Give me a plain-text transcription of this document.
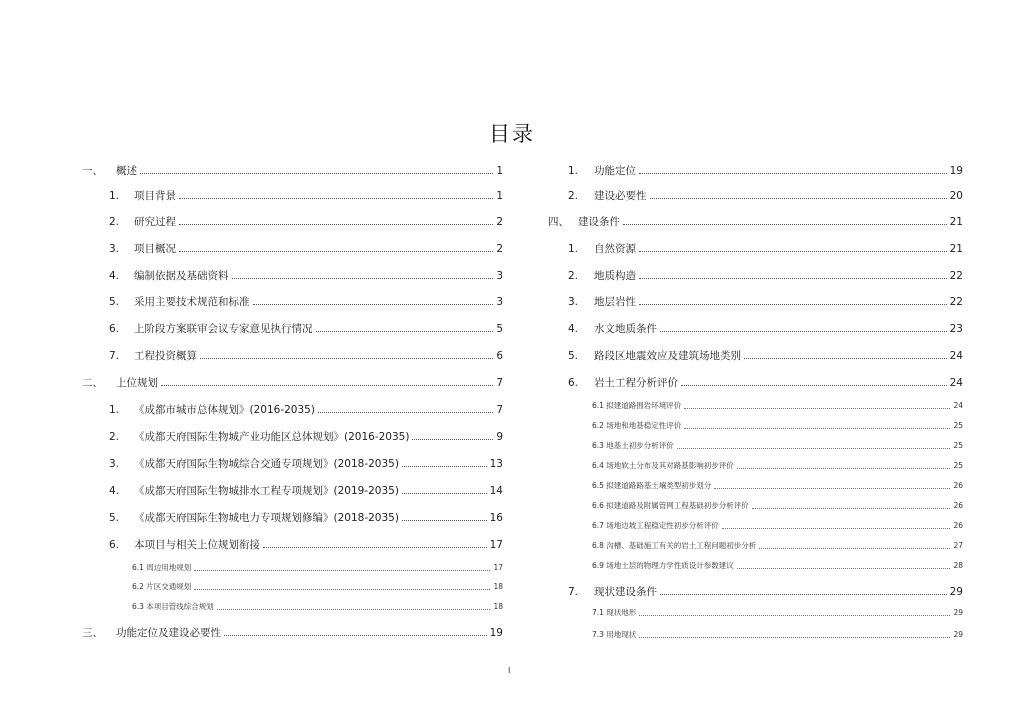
目录
一、	概述	1
1.	项目背景	1
2.	研究过程	2
3.	项目概况	2
4.	编制依据及基础资料	3
5.	采用主要技术规范和标准	3
6.	上阶段方案联审会议专家意见执行情况	5
7.	工程投资概算	6
二、	上位规划	7
1.	《成都市城市总体规划》(2016-2035)	7
2.	《成都天府国际生物城产业功能区总体规划》(2016-2035)	9
3.	《成都天府国际生物城综合交通专项规划》(2018-2035)	13
4.	《成都天府国际生物城排水工程专项规划》(2019-2035)	14
5.	《成都天府国际生物城电力专项规划修编》(2018-2035)	16
6.	本项目与相关上位规划衔接	17
6.1 周边用地规划	17
6.2 片区交通规划	18
6.3 本项目管线综合规划	18
三、	功能定位及建设必要性	19
1.	功能定位	19
2.	建设必要性	20
四、 建设条件	21
1.	自然资源	21
2.	地质构造	22
3.	地层岩性	22
4.	水文地质条件	23
5.	路段区地震效应及建筑场地类别	24
6.	岩土工程分析评价	24
6.1 拟建道路围岩环境评价	24
6.2 场地和地基稳定性评价	25
6.3 地基土初步分析评价	25
6.4 场地软土分布及其对路基影响初步评价	25
6.5 拟建道路路基土壤类型初步划分	26
6.6 拟建道路及附属管网工程基础初步分析评价	26
6.7 场地边坡工程稳定性初步分析评价	26
6.8 沟槽、基础施工有关的岩土工程问题初步分析	27
6.9 场地土层的物理力学性质设计参数建议	28
7.	现状建设条件	29
7.1 现状地形	29
7.3 用地现状	29
I
